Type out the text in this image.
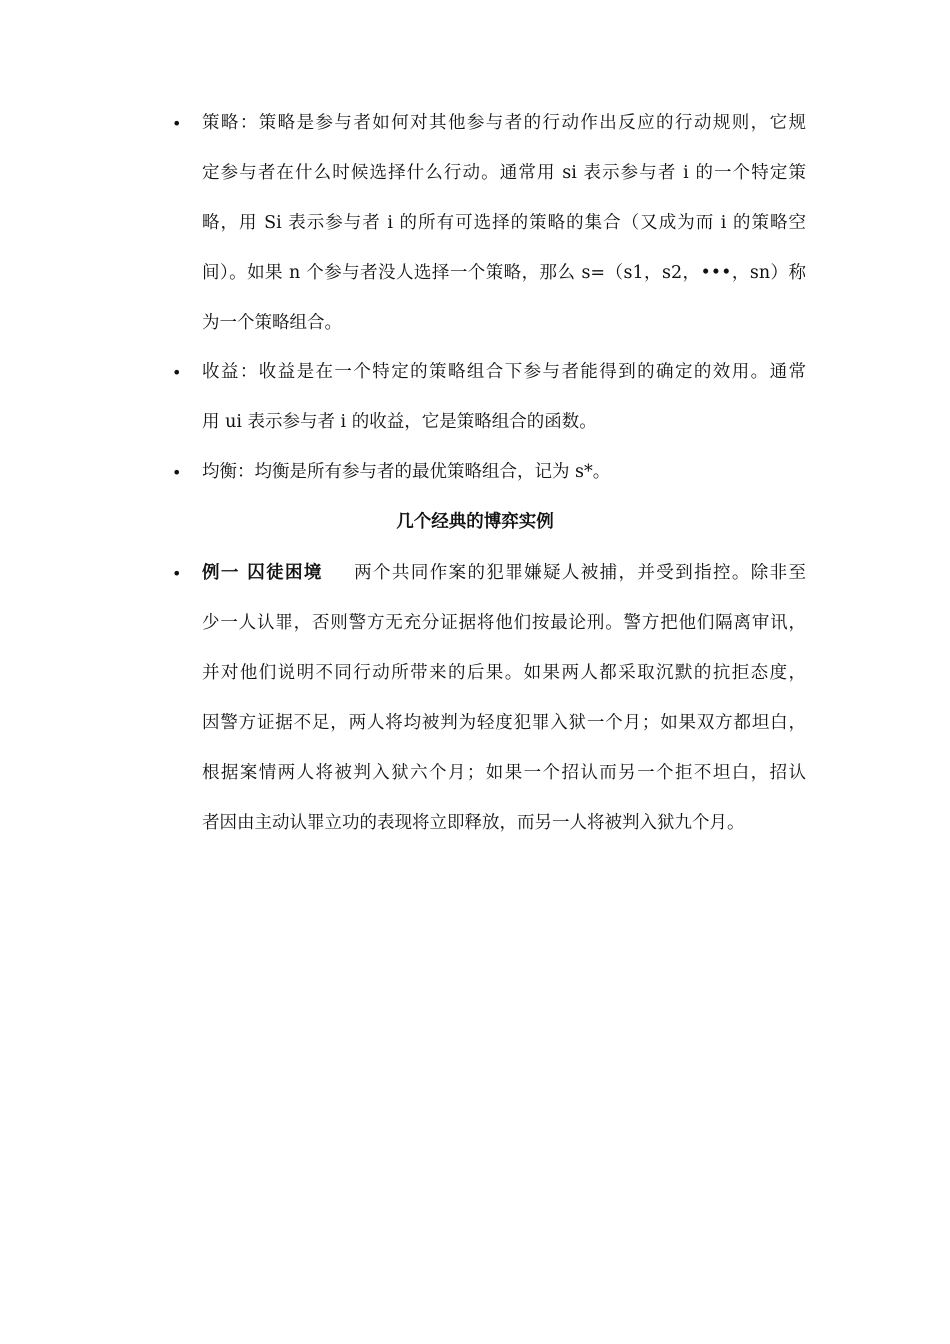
• 策略：策略是参与者如何对其他参与者的行动作出反应的行动规则，它规
定参与者在什么时候选择什么行动。通常用 si 表示参与者 i 的一个特定策
略，用 Si 表示参与者 i 的所有可选择的策略的集合（又成为而 i 的策略空
间）。如果 n 个参与者没人选择一个策略，那么 s=（s1，s2，•••，sn）称
为一个策略组合。
• 收益：收益是在一个特定的策略组合下参与者能得到的确定的效用。通常
用 ui 表示参与者 i 的收益，它是策略组合的函数。
• 均衡：均衡是所有参与者的最优策略组合，记为 s*。
几个经典的博弈实例
• 例一 囚徒困境 两个共同作案的犯罪嫌疑人被捕，并受到指控。除非至
少一人认罪，否则警方无充分证据将他们按最论刑。警方把他们隔离审讯，
并对他们说明不同行动所带来的后果。如果两人都采取沉默的抗拒态度，
因警方证据不足，两人将均被判为轻度犯罪入狱一个月；如果双方都坦白，
根据案情两人将被判入狱六个月；如果一个招认而另一个拒不坦白，招认
者因由主动认罪立功的表现将立即释放，而另一人将被判入狱九个月。
